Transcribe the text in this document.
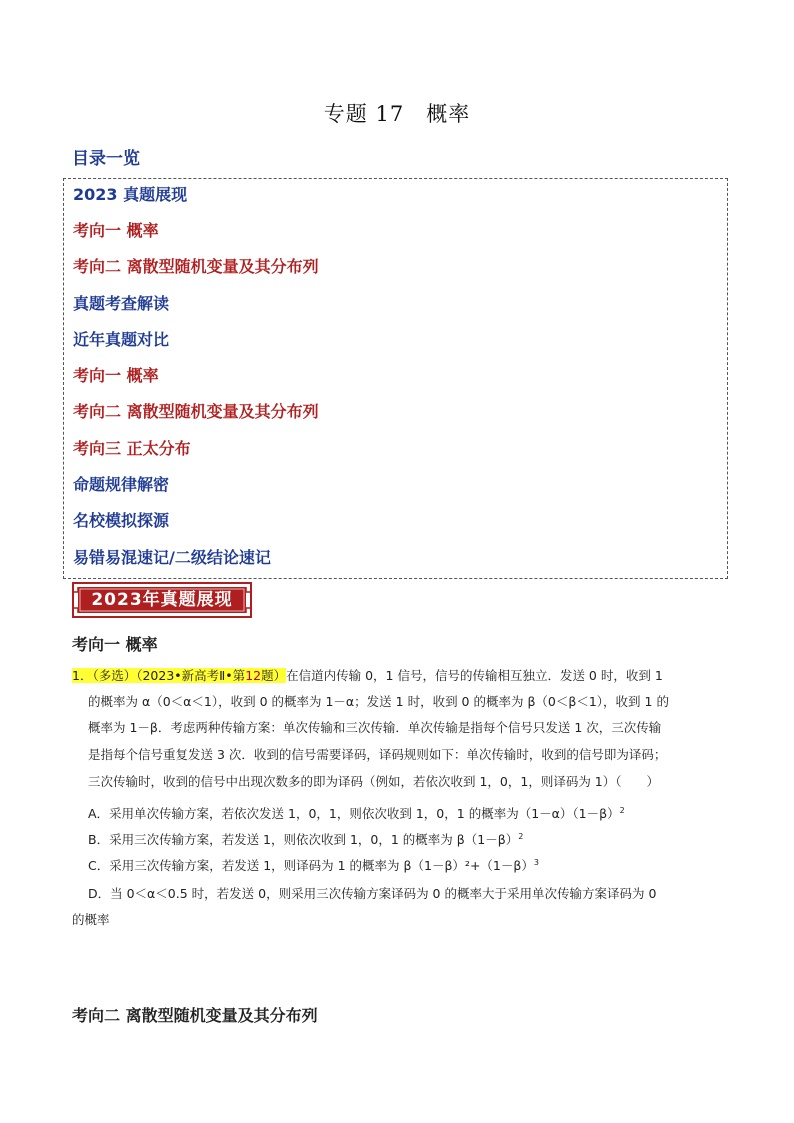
专题 17　概率
目录一览
2023 真题展现
考向一 概率
考向二 离散型随机变量及其分布列
真题考查解读
近年真题对比
考向一 概率
考向二 离散型随机变量及其分布列
考向三 正太分布
命题规律解密
名校模拟探源
易错易混速记/二级结论速记
2023年真题展现
考向一 概率
1．（多选）（2023•新高考Ⅱ•第12题）在信道内传输 0，1 信号，信号的传输相互独立．发送 0 时，收到 1
的概率为 α（0＜α＜1），收到 0 的概率为 1－α；发送 1 时，收到 0 的概率为 β（0＜β＜1），收到 1 的
概率为 1－β．考虑两种传输方案：单次传输和三次传输．单次传输是指每个信号只发送 1 次，三次传输
是指每个信号重复发送 3 次．收到的信号需要译码，译码规则如下：单次传输时，收到的信号即为译码；
三次传输时，收到的信号中出现次数多的即为译码（例如，若依次收到 1，0，1，则译码为 1）（　　）
A．采用单次传输方案，若依次发送 1，0，1，则依次收到 1，0，1 的概率为$(1-\alpha)(1-\beta)^2$
B．采用三次传输方案，若发送 1，则依次收到 1，0，1 的概率为 $\beta(1-\beta)^2$
C．采用三次传输方案，若发送 1，则译码为 1 的概率为 $\beta(1-\beta)^2+(1-\beta)^3$
D．当 0＜α＜0.5 时，若发送 0，则采用三次传输方案译码为 0 的概率大于采用单次传输方案译码为 0
的概率
考向二 离散型随机变量及其分布列
